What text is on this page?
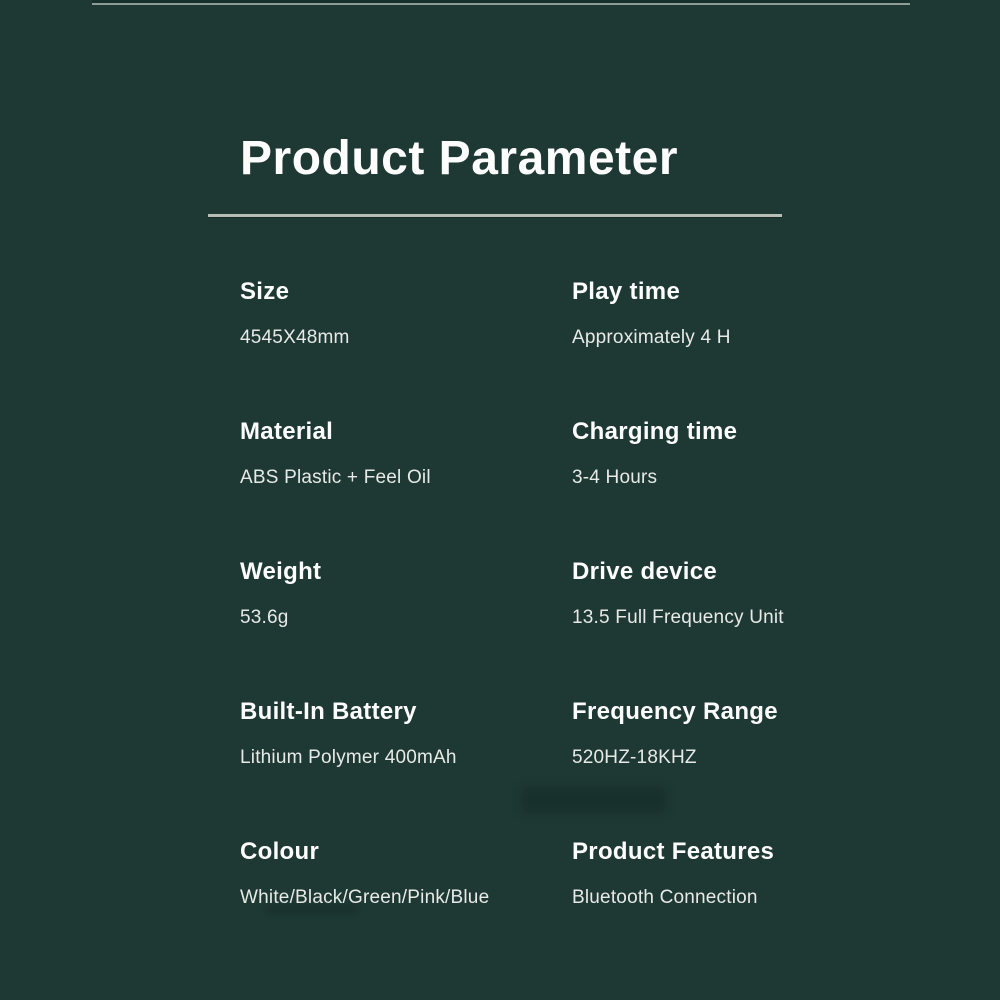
Product Parameter
Size
4545X48mm
Play time
Approximately 4 H
Material
ABS Plastic + Feel Oil
Charging time
3-4 Hours
Weight
53.6g
Drive device
13.5 Full Frequency Unit
Built-In Battery
Lithium Polymer 400mAh
Frequency Range
520HZ-18KHZ
Colour
White/Black/Green/Pink/Blue
Product Features
Bluetooth Connection
